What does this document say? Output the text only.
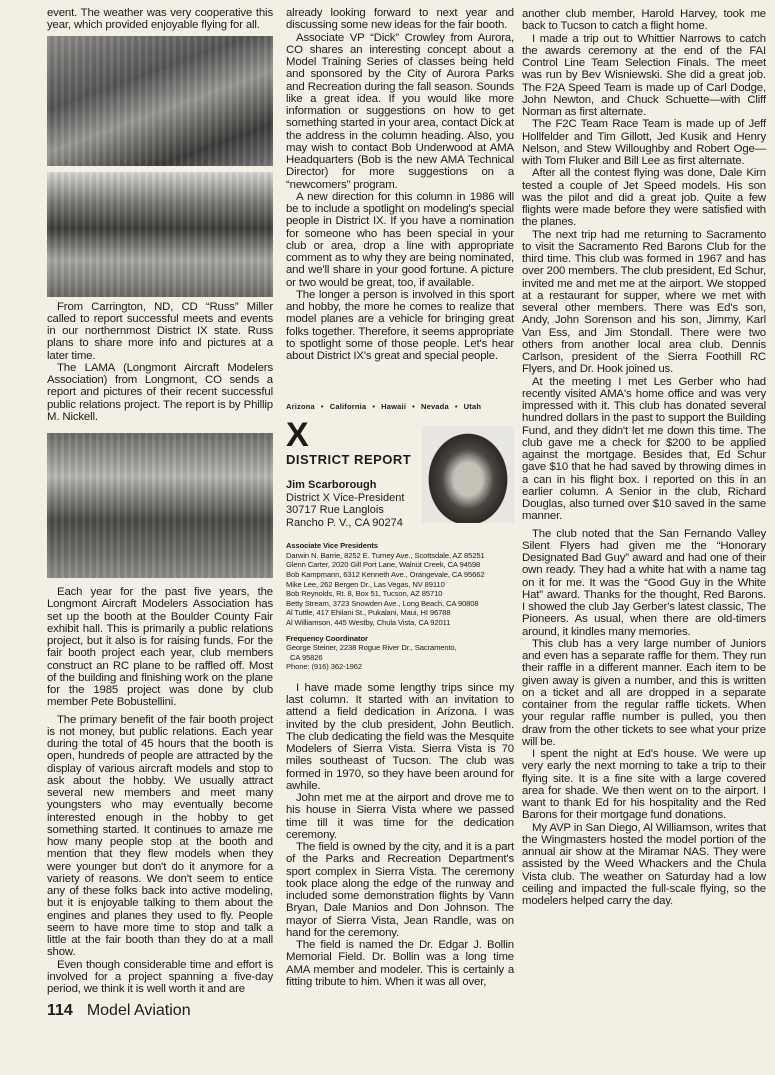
event. The weather was very cooperative this year, which provided enjoyable flying for all.

From Carrington, ND, CD “Russ” Miller called to report successful meets and events in our northernmost District IX state. Russ plans to share more info and pictures at a later time.

The LAMA (Longmont Aircraft Modelers Association) from Longmont, CO sends a report and pictures of their recent successful public relations project. The report is by Phillip M. Nickell.

Each year for the past five years, the Longmont Aircraft Modelers Association has set up the booth at the Boulder County Fair exhibit hall. This is primarily a public relations project, but it also is for raising funds. For the fair booth project each year, club members construct an RC plane to be raffled off. Most of the building and finishing work on the plane for the 1985 project was done by club member Pete Bobustellini.

The primary benefit of the fair booth project is not money, but public relations. Each year during the total of 45 hours that the booth is open, hundreds of people are attracted by the display of various aircraft models and stop to ask about the hobby. We usually attract several new members and meet many youngsters who may eventually become interested enough in the hobby to get something started. It continues to amaze me how many people stop at the booth and mention that they flew models when they were younger but don't do it anymore for a variety of reasons. We don't seem to entice any of these folks back into active modeling, but it is enjoyable talking to them about the engines and planes they used to fly. People seem to have more time to stop and talk a little at the fair booth than they do at a mall show.

Even though considerable time and effort is involved for a project spanning a five-day period, we think it is well worth it and are

114 Model Aviation

already looking forward to next year and discussing some new ideas for the fair booth.

Associate VP “Dick” Crowley from Aurora, CO shares an interesting concept about a Model Training Series of classes being held and sponsored by the City of Aurora Parks and Recreation during the fall season. Sounds like a great idea. If you would like more information or suggestions on how to get something started in your area, contact Dick at the address in the column heading. Also, you may wish to contact Bob Underwood at AMA Headquarters (Bob is the new AMA Technical Director) for more suggestions on a “newcomers” program.

A new direction for this column in 1986 will be to include a spotlight on modeling's special people in District IX. If you have a nomination for someone who has been special in your club or area, drop a line with appropriate comment as to why they are being nominated, and we'll share in your good fortune. A picture or two would be great, too, if available.

The longer a person is involved in this sport and hobby, the more he comes to realize that model planes are a vehicle for bringing great folks together. Therefore, it seems appropriate to spotlight some of those people. Let's hear about District IX's great and special people.

Arizona • California • Hawaii • Nevada • Utah
X
DISTRICT REPORT
Jim Scarborough
District X Vice-President
30717 Rue Langlois
Rancho P. V., CA 90274
Associate Vice Presidents
Darwin N. Barrie, 8252 E. Turney Ave., Scottsdale, AZ 85251
Glenn Carter, 2020 Gill Port Lane, Walnut Creek, CA 94598
Bob Kampmann, 6312 Kenneth Ave., Orangevale, CA 95662
Mike Lee, 262 Bergen Dr., Las Vegas, NV 89110
Bob Reynolds, Rt. 8, Box 51, Tucson, AZ 85710
Betty Stream, 3723 Snowden Ave., Long Beach, CA 90808
Al Tuttle, 417 Ehilani St., Pukalani, Maui, HI 96788
Al Williamson, 445 Westby, Chula Vista, CA 92011
Frequency Coordinator
George Steiner, 2238 Rogue River Dr., Sacramento,
CA 95826
Phone: (916) 362-1962

I have made some lengthy trips since my last column. It started with an invitation to attend a field dedication in Arizona. I was invited by the club president, John Beutlich. The club dedicating the field was the Mesquite Modelers of Sierra Vista. Sierra Vista is 70 miles southeast of Tucson. The club was formed in 1970, so they have been around for awhile.

John met me at the airport and drove me to his house in Sierra Vista where we passed time till it was time for the dedication ceremony.

The field is owned by the city, and it is a part of the Parks and Recreation Department's sport complex in Sierra Vista. The ceremony took place along the edge of the runway and included some demonstration flights by Vann Bryan, Dale Manios and Don Johnson. The mayor of Sierra Vista, Jean Randle, was on hand for the ceremony.

The field is named the Dr. Edgar J. Bollin Memorial Field. Dr. Bollin was a long time AMA member and modeler. This is certainly a fitting tribute to him. When it was all over,

another club member, Harold Harvey, took me back to Tucson to catch a flight home.

I made a trip out to Whittier Narrows to catch the awards ceremony at the end of the FAI Control Line Team Selection Finals. The meet was run by Bev Wisniewski. She did a great job. The F2A Speed Team is made up of Carl Dodge, John Newton, and Chuck Schuette—with Cliff Norman as first alternate.

The F2C Team Race Team is made up of Jeff Hollfelder and Tim Gillott, Jed Kusik and Henry Nelson, and Stew Willoughby and Robert Oge—with Tom Fluker and Bill Lee as first alternate.

After all the contest flying was done, Dale Kirn tested a couple of Jet Speed models. His son was the pilot and did a great job. Quite a few flights were made before they were satisfied with the planes.

The next trip had me returning to Sacramento to visit the Sacramento Red Barons Club for the third time. This club was formed in 1967 and has over 200 members. The club president, Ed Schur, invited me and met me at the airport. We stopped at a restaurant for supper, where we met with several other members. There was Ed's son, Andy, John Sorenson and his son, Jimmy, Karl Van Ess, and Jim Stondall. There were two others from another local area club. Dennis Carlson, president of the Sierra Foothill RC Flyers, and Dr. Hook joined us.

At the meeting I met Les Gerber who had recently visited AMA's home office and was very impressed with it. This club has donated several hundred dollars in the past to support the Building Fund, and they didn't let me down this time. The club gave me a check for $200 to be applied against the mortgage. Besides that, Ed Schur gave $10 that he had saved by throwing dimes in a can in his flight box. I reported on this in an earlier column. A Senior in the club, Richard Douglas, also turned over $10 saved in the same manner.

The club noted that the San Fernando Valley Silent Flyers had given me the “Honorary Designated Bad Guy” award and had one of their own ready. They had a white hat with a name tag on it for me. It was the “Good Guy in the White Hat” award. Thanks for the thought, Red Barons. I showed the club Jay Gerber's latest classic, The Pioneers. As usual, when there are old-timers around, it kindles many memories.

This club has a very large number of Juniors and even has a separate raffle for them. They run their raffle in a different manner. Each item to be given away is given a number, and this is written on a ticket and all are dropped in a separate container from the regular raffle tickets. When your regular raffle number is pulled, you then draw from the other tickets to see what your prize will be.

I spent the night at Ed's house. We were up very early the next morning to take a trip to their flying site. It is a fine site with a large covered area for shade. We then went on to the airport. I want to thank Ed for his hospitality and the Red Barons for their mortgage fund donations.

My AVP in San Diego, Al Williamson, writes that the Wingmasters hosted the model portion of the annual air show at the Miramar NAS. They were assisted by the Weed Whackers and the Chula Vista club. The weather on Saturday had a low ceiling and impacted the full-scale flying, so the modelers helped carry the day.
